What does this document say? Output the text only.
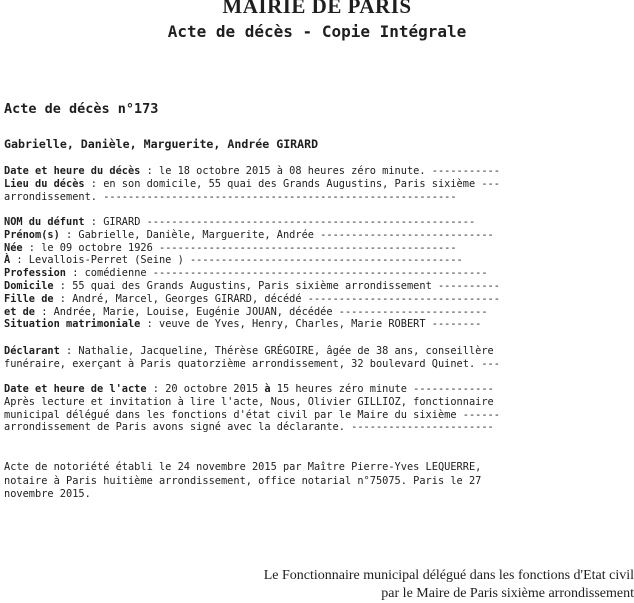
MAIRIE DE PARIS
Acte de décès - Copie Intégrale
Acte de décès n°173
Gabrielle, Danièle, Marguerite, Andrée GIRARD
Date et heure du décès : le 18 octobre 2015 à 08 heures zéro minute. -----------
Lieu du décès : en son domicile, 55 quai des Grands Augustins, Paris sixième ---
arrondissement. ---------------------------------------------------------
NOM du défunt : GIRARD -----------------------------------------------------
Prénom(s) : Gabrielle, Danièle, Marguerite, Andrée ----------------------------
Née : le 09 octobre 1926 ------------------------------------------------
À : Levallois-Perret (Seine ) --------------------------------------------
Profession : comédienne ------------------------------------------------------
Domicile : 55 quai des Grands Augustins, Paris sixième arrondissement ----------
Fille de : André, Marcel, Georges GIRARD, décédé -------------------------------
et de : Andrée, Marie, Louise, Eugénie JOUAN, décédée ------------------------
Situation matrimoniale : veuve de Yves, Henry, Charles, Marie ROBERT --------
Déclarant : Nathalie, Jacqueline, Thérèse GRÉGOIRE, âgée de 38 ans, conseillère
funéraire, exerçant à Paris quatorzième arrondissement, 32 boulevard Quinet. ---
Date et heure de l'acte : 20 octobre 2015 à 15 heures zéro minute -------------
Après lecture et invitation à lire l'acte, Nous, Olivier GILLIOZ, fonctionnaire
municipal délégué dans les fonctions d'état civil par le Maire du sixième ------
arrondissement de Paris avons signé avec la déclarante. -----------------------
Acte de notoriété établi le 24 novembre 2015 par Maître Pierre-Yves LEQUERRE,
notaire à Paris huitième arrondissement, office notarial n°75075. Paris le 27
novembre 2015.
Le Fonctionnaire municipal délégué dans les fonctions d'Etat civil
par le Maire de Paris sixième arrondissement
